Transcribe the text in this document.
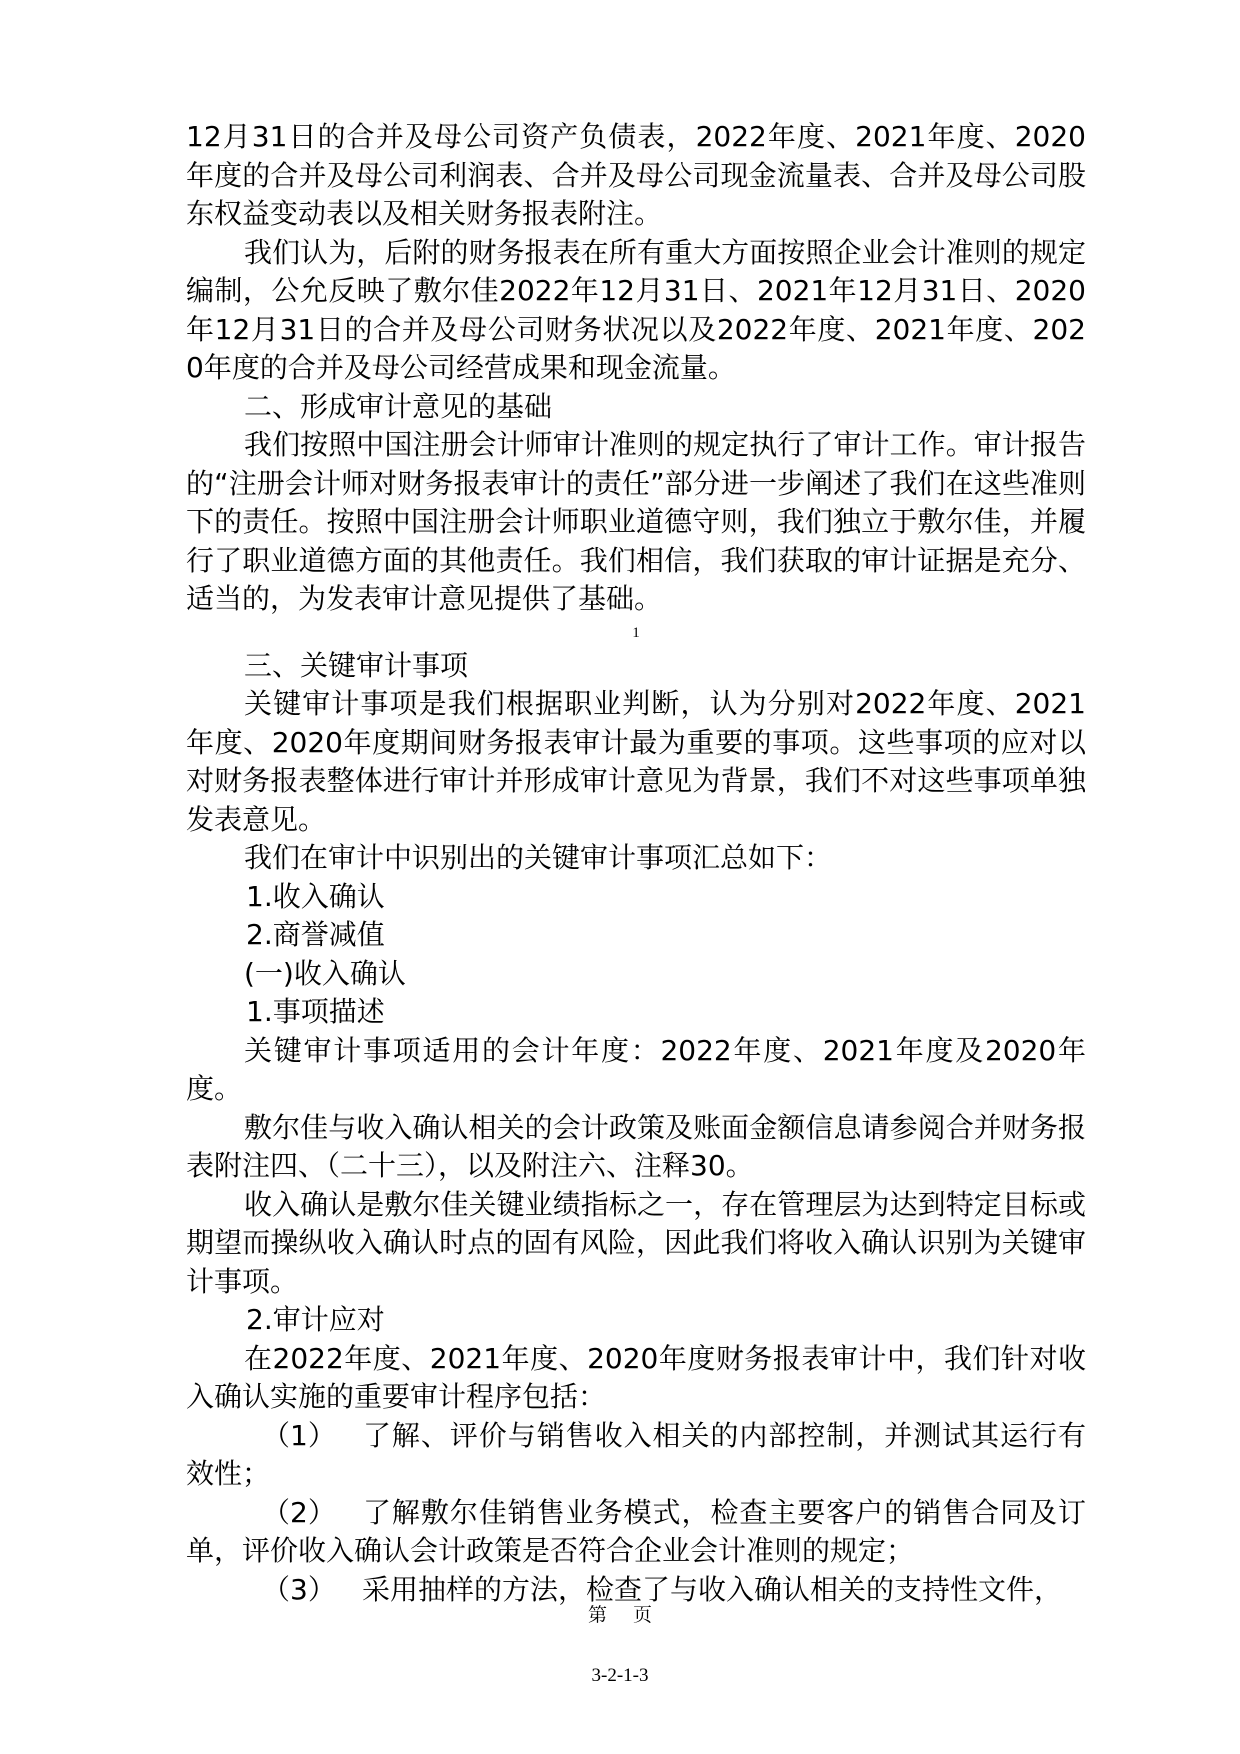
12月31日的合并及母公司资产负债表，2022年度、2021年度、2020年度的合并及母公司利润表、合并及母公司现金流量表、合并及母公司股东权益变动表以及相关财务报表附注。

我们认为，后附的财务报表在所有重大方面按照企业会计准则的规定编制，公允反映了敷尔佳2022年12月31日、2021年12月31日、2020年12月31日的合并及母公司财务状况以及2022年度、2021年度、2020年度的合并及母公司经营成果和现金流量。

二、形成审计意见的基础

我们按照中国注册会计师审计准则的规定执行了审计工作。审计报告的“注册会计师对财务报表审计的责任”部分进一步阐述了我们在这些准则下的责任。按照中国注册会计师职业道德守则，我们独立于敷尔佳，并履行了职业道德方面的其他责任。我们相信，我们获取的审计证据是充分、适当的，为发表审计意见提供了基础。

1

三、关键审计事项

关键审计事项是我们根据职业判断，认为分别对2022年度、2021年度、2020年度期间财务报表审计最为重要的事项。这些事项的应对以对财务报表整体进行审计并形成审计意见为背景，我们不对这些事项单独发表意见。

我们在审计中识别出的关键审计事项汇总如下：

1.收入确认

2.商誉减值

(一)收入确认

1.事项描述

关键审计事项适用的会计年度：2022年度、2021年度及2020年度。

敷尔佳与收入确认相关的会计政策及账面金额信息请参阅合并财务报表附注四、（二十三），以及附注六、注释30。

收入确认是敷尔佳关键业绩指标之一，存在管理层为达到特定目标或期望而操纵收入确认时点的固有风险，因此我们将收入确认识别为关键审计事项。

2.审计应对

在2022年度、2021年度、2020年度财务报表审计中，我们针对收入确认实施的重要审计程序包括：

（1） 了解、评价与销售收入相关的内部控制，并测试其运行有效性；

（2） 了解敷尔佳销售业务模式，检查主要客户的销售合同及订单，评价收入确认会计政策是否符合企业会计准则的规定；

（3） 采用抽样的方法，检查了与收入确认相关的支持性文件，

第 页
3-2-1-3
